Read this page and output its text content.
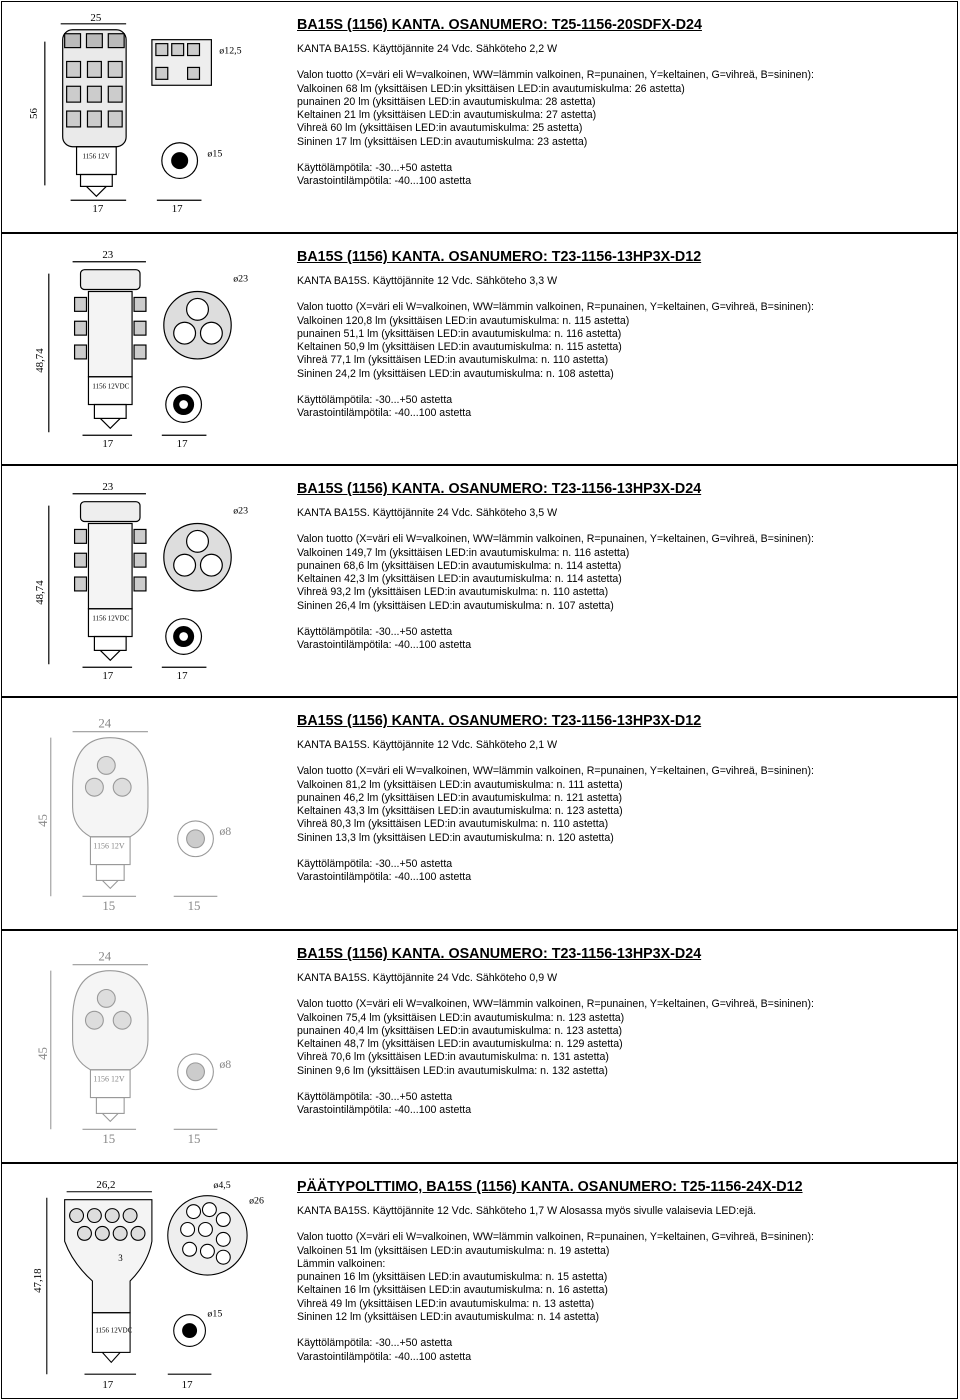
25
56
1156 12V
17
ø12,5
ø15
17
BA15S (1156) KANTA. OSANUMERO: T25-1156-20SDFX-D24
KANTA BA15S. Käyttöjännite 24 Vdc. Sähköteho 2,2 W
Valon tuotto (X=väri eli W=valkoinen, WW=lämmin valkoinen, R=punainen, Y=keltainen, G=vihreä, B=sininen):
Valkoinen 68 lm (yksittäisen LED:in yksittäisen LED:in avautumiskulma: 26 astetta)
punainen 20 lm (yksittäisen LED:in avautumiskulma: 28 astetta)
Keltainen 21 lm (yksittäisen LED:in avautumiskulma: 27 astetta)
Vihreä 60 lm (yksittäisen LED:in avautumiskulma: 25 astetta)
Sininen 17 lm (yksittäisen LED:in avautumiskulma: 23 astetta)
Käyttölämpötila: -30...+50 astetta
Varastointilämpötila: -40...100 astetta
23
48,74
1156 12VDC
17
ø23
17
BA15S (1156) KANTA. OSANUMERO: T23-1156-13HP3X-D12
KANTA BA15S. Käyttöjännite 12 Vdc. Sähköteho 3,3 W
Valon tuotto (X=väri eli W=valkoinen, WW=lämmin valkoinen, R=punainen, Y=keltainen, G=vihreä, B=sininen):
Valkoinen 120,8 lm (yksittäisen LED:in avautumiskulma: n. 115 astetta)
punainen 51,1 lm (yksittäisen LED:in avautumiskulma: n. 116 astetta)
Keltainen 50,9 lm (yksittäisen LED:in avautumiskulma: n. 115 astetta)
Vihreä 77,1 lm (yksittäisen LED:in avautumiskulma: n. 110 astetta)
Sininen 24,2 lm (yksittäisen LED:in avautumiskulma: n. 108 astetta)
Käyttölämpötila: -30...+50 astetta
Varastointilämpötila: -40...100 astetta
23
48,74
1156 12VDC
17
ø23
17
BA15S (1156) KANTA. OSANUMERO: T23-1156-13HP3X-D24
KANTA BA15S. Käyttöjännite 24 Vdc. Sähköteho 3,5 W
Valon tuotto (X=väri eli W=valkoinen, WW=lämmin valkoinen, R=punainen, Y=keltainen, G=vihreä, B=sininen):
Valkoinen 149,7 lm (yksittäisen LED:in avautumiskulma: n. 116 astetta)
punainen 68,6 lm (yksittäisen LED:in avautumiskulma: n. 114 astetta)
Keltainen 42,3 lm (yksittäisen LED:in avautumiskulma: n. 114 astetta)
Vihreä 93,2 lm (yksittäisen LED:in avautumiskulma: n. 110 astetta)
Sininen 26,4 lm (yksittäisen LED:in avautumiskulma: n. 107 astetta)
Käyttölämpötila: -30...+50 astetta
Varastointilämpötila: -40...100 astetta
24
45
1156 12V
15
ø8
15
BA15S (1156) KANTA. OSANUMERO: T23-1156-13HP3X-D12
KANTA BA15S. Käyttöjännite 12 Vdc. Sähköteho 2,1 W
Valon tuotto (X=väri eli W=valkoinen, WW=lämmin valkoinen, R=punainen, Y=keltainen, G=vihreä, B=sininen):
Valkoinen 81,2 lm (yksittäisen LED:in avautumiskulma: n. 111 astetta)
punainen 46,2 lm (yksittäisen LED:in avautumiskulma: n. 121 astetta)
Keltainen 43,3 lm (yksittäisen LED:in avautumiskulma: n. 123 astetta)
Vihreä 80,3 lm (yksittäisen LED:in avautumiskulma: n. 110 astetta)
Sininen 13,3 lm (yksittäisen LED:in avautumiskulma: n. 120 astetta)
Käyttölämpötila: -30...+50 astetta
Varastointilämpötila: -40...100 astetta
24
45
1156 12V
15
ø8
15
BA15S (1156) KANTA. OSANUMERO: T23-1156-13HP3X-D24
KANTA BA15S. Käyttöjännite 24 Vdc. Sähköteho 0,9 W
Valon tuotto (X=väri eli W=valkoinen, WW=lämmin valkoinen, R=punainen, Y=keltainen, G=vihreä, B=sininen):
Valkoinen 75,4 lm (yksittäisen LED:in avautumiskulma: n. 123 astetta)
punainen 40,4 lm (yksittäisen LED:in avautumiskulma: n. 123 astetta)
Keltainen 48,7 lm (yksittäisen LED:in avautumiskulma: n. 129 astetta)
Vihreä 70,6 lm (yksittäisen LED:in avautumiskulma: n. 131 astetta)
Sininen 9,6 lm (yksittäisen LED:in avautumiskulma: n. 132 astetta)
Käyttölämpötila: -30...+50 astetta
Varastointilämpötila: -40...100 astetta
26,2
47,18
3
1156 12VDC
17
ø4,5
ø26
ø15
17
PÄÄTYPOLTTIMO, BA15S (1156) KANTA. OSANUMERO: T25-1156-24X-D12
KANTA BA15S. Käyttöjännite 12 Vdc. Sähköteho 1,7 W Alosassa myös sivulle valaisevia LED:ejä.
Valon tuotto (X=väri eli W=valkoinen, WW=lämmin valkoinen, R=punainen, Y=keltainen, G=vihreä, B=sininen):
Valkoinen 51 lm (yksittäisen LED:in avautumiskulma: n. 19 astetta)
Lämmin valkoinen:
punainen 16 lm (yksittäisen LED:in avautumiskulma: n. 15 astetta)
Keltainen 16 lm (yksittäisen LED:in avautumiskulma: n. 16 astetta)
Vihreä 49 lm (yksittäisen LED:in avautumiskulma: n. 13 astetta)
Sininen 12 lm (yksittäisen LED:in avautumiskulma: n. 14 astetta)
Käyttölämpötila: -30...+50 astetta
Varastointilämpötila: -40...100 astetta
